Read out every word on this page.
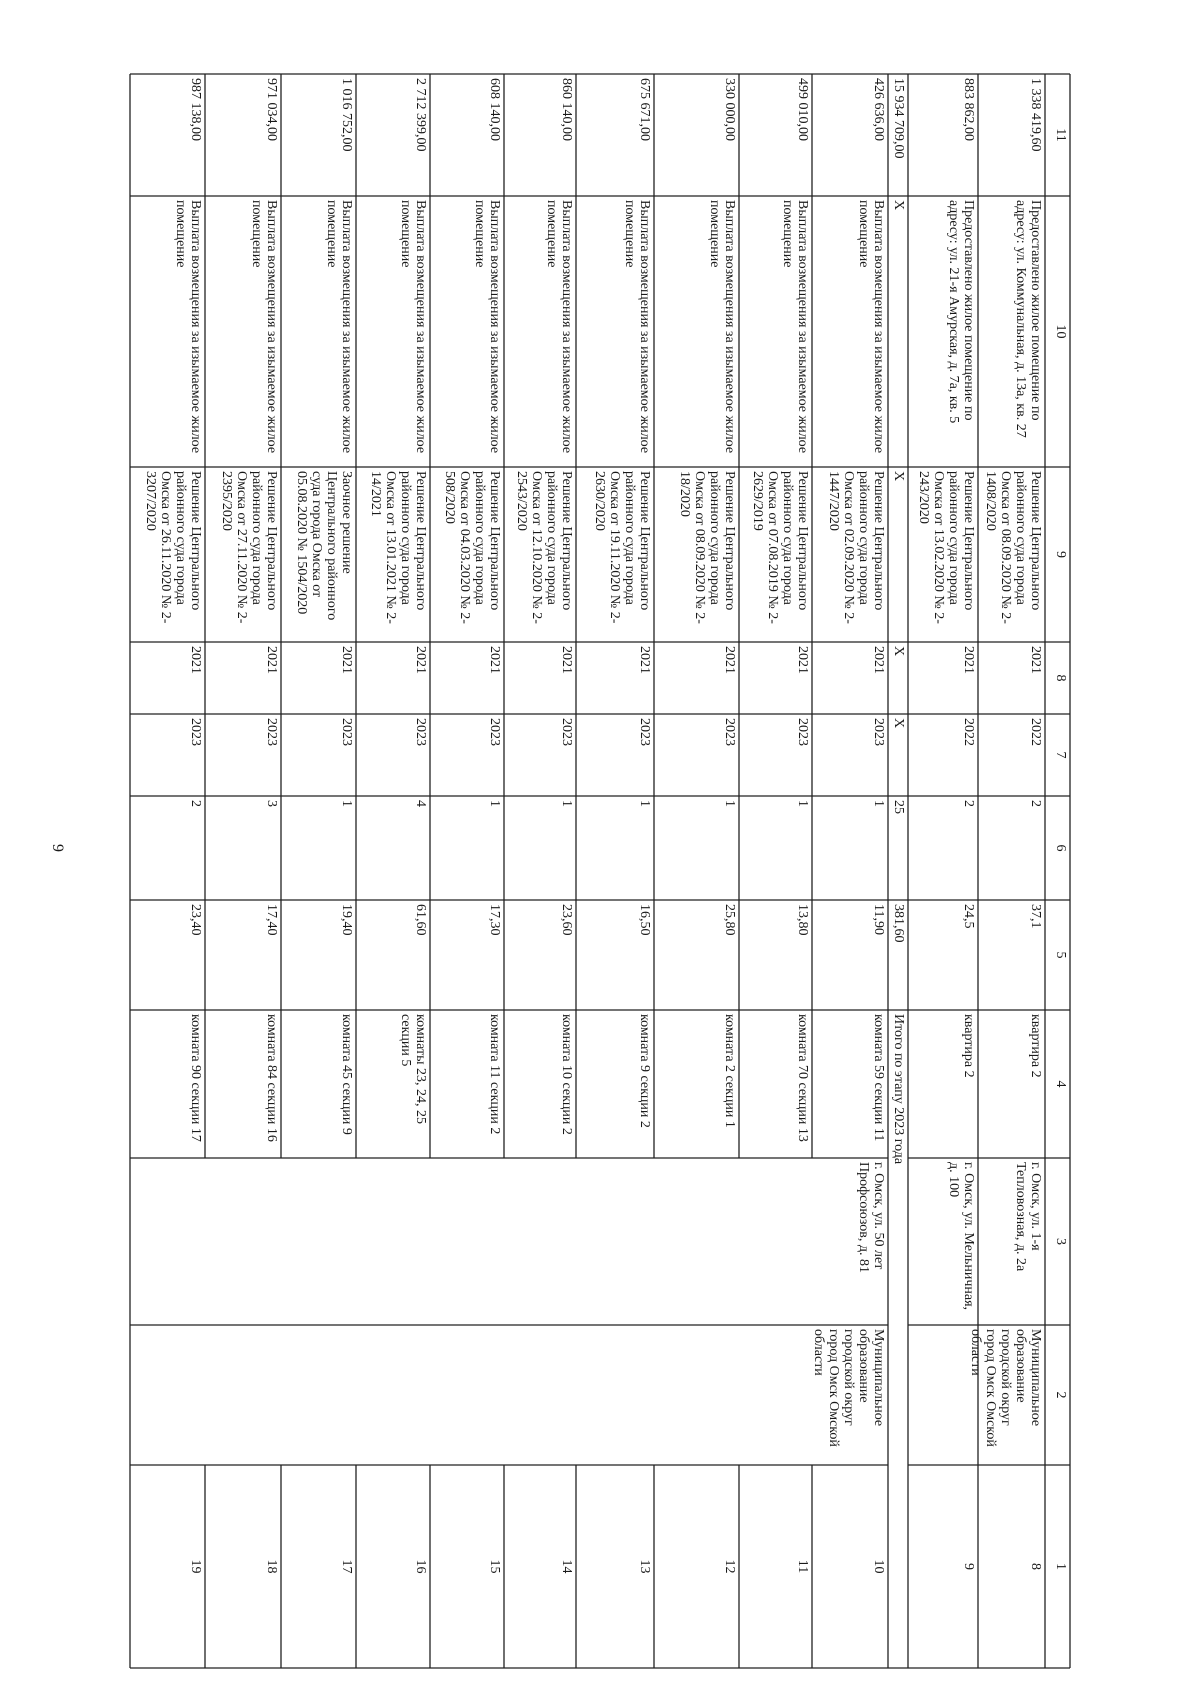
9
1
2
3
4
5
6
7
8
9
10
11
8
Муниципальное образование городской округ город Омск Омской области
г. Омск, ул. 1-я Тепловозная, д. 2а
квартира 2
37,1
2
2022
2021
Решение Центрального районного суда города Омска от 08.09.2020 № 2-1408/2020
Предоставлено жилое помещение по адресу: ул. Коммунальная, д. 13а, кв. 27
1 338 419,60
9
г. Омск, ул. Мельничная, д. 100
квартира 2
24,5
2
2022
2021
Решение Центрального районного суда города Омска от 13.02.2020 № 2-243/2020
Предоставлено жилое помещение по адресу: ул. 21-я Амурская, д. 7а, кв. 5
883 862,00
Итого по этапу 2023 года
381,60
25
X
X
X
X
15 934 709,00
10
Муниципальное образование городской округ город Омск Омской области
г. Омск, ул. 50 лет Профсоюзов, д. 81
комната 59 секции 11
11,90
1
2023
2021
Решение Центрального районного суда города Омска от 02.09.2020 № 2-1447/2020
Выплата возмещения за изымаемое жилое помещение
426 636,00
11
комната 70 секции 13
13,80
1
2023
2021
Решение Центрального районного суда города Омска от 07.08.2019 № 2-2629/2019
Выплата возмещения за изымаемое жилое помещение
499 010,00
12
комната 2 секции 1
25,80
1
2023
2021
Решение Центрального районного суда города Омска от 08.09.2020 № 2-18/2020
Выплата возмещения за изымаемое жилое помещение
330 000,00
13
комната 9 секции 2
16,50
1
2023
2021
Решение Центрального районного суда города Омска от 19.11.2020 № 2-2630/2020
Выплата возмещения за изымаемое жилое помещение
675 671,00
14
комната 10 секции 2
23,60
1
2023
2021
Решение Центрального районного суда города Омска от 12.10.2020 № 2-2543/2020
Выплата возмещения за изымаемое жилое помещение
860 140,00
15
комната 11 секции 2
17,30
1
2023
2021
Решение Центрального районного суда города Омска от 04.03.2020 № 2-508/2020
Выплата возмещения за изымаемое жилое помещение
608 140,00
16
комнаты 23, 24, 25 секции 5
61,60
4
2023
2021
Решение Центрального районного суда города Омска от 13.01.2021 № 2-14/2021
Выплата возмещения за изымаемое жилое помещение
2 712 399,00
17
комната 45 секции 9
19,40
1
2023
2021
Заочное решение Центрального районного суда города Омска от 05.08.2020 № 1504/2020
Выплата возмещения за изымаемое жилое помещение
1 016 752,00
18
комната 84 секции 16
17,40
3
2023
2021
Решение Центрального районного суда города Омска от 27.11.2020 № 2-2395/2020
Выплата возмещения за изымаемое жилое помещение
971 034,00
19
комната 90 секции 17
23,40
2
2023
2021
Решение Центрального районного суда города Омска от 26.11.2020 № 2-3207/2020
Выплата возмещения за изымаемое жилое помещение
987 138,00
